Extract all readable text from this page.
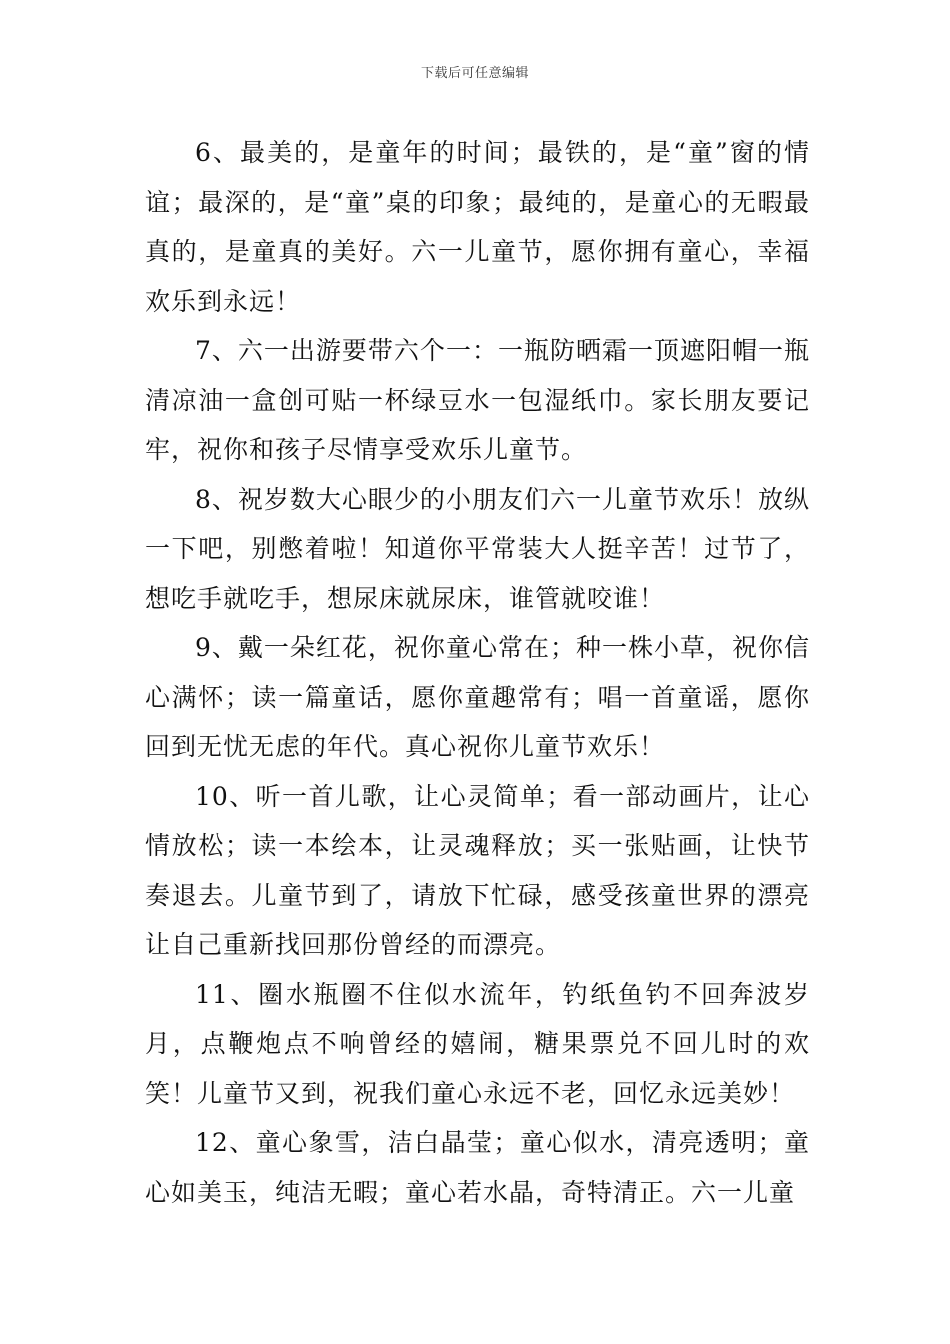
下载后可任意编辑

6、最美的，是童年的时间；最铁的，是“童”窗的情谊；最深的，是“童”桌的印象；最纯的，是童心的无暇最真的，是童真的美好。六一儿童节，愿你拥有童心，幸福欢乐到永远！

7、六一出游要带六个一：一瓶防晒霜一顶遮阳帽一瓶清凉油一盒创可贴一杯绿豆水一包湿纸巾。家长朋友要记牢，祝你和孩子尽情享受欢乐儿童节。

8、祝岁数大心眼少的小朋友们六一儿童节欢乐！放纵一下吧，别憋着啦！知道你平常装大人挺辛苦！过节了，想吃手就吃手，想尿床就尿床，谁管就咬谁！

9、戴一朵红花，祝你童心常在；种一株小草，祝你信心满怀；读一篇童话，愿你童趣常有；唱一首童谣，愿你回到无忧无虑的年代。真心祝你儿童节欢乐！

10、听一首儿歌，让心灵简单；看一部动画片，让心情放松；读一本绘本，让灵魂释放；买一张贴画，让快节奏退去。儿童节到了，请放下忙碌，感受孩童世界的漂亮让自己重新找回那份曾经的而漂亮。

11、圈水瓶圈不住似水流年，钓纸鱼钓不回奔波岁月，点鞭炮点不响曾经的嬉闹，糖果票兑不回儿时的欢笑！儿童节又到，祝我们童心永远不老，回忆永远美妙！

12、童心象雪，洁白晶莹；童心似水，清亮透明；童心如美玉，纯洁无暇；童心若水晶，奇特清正。六一儿童
